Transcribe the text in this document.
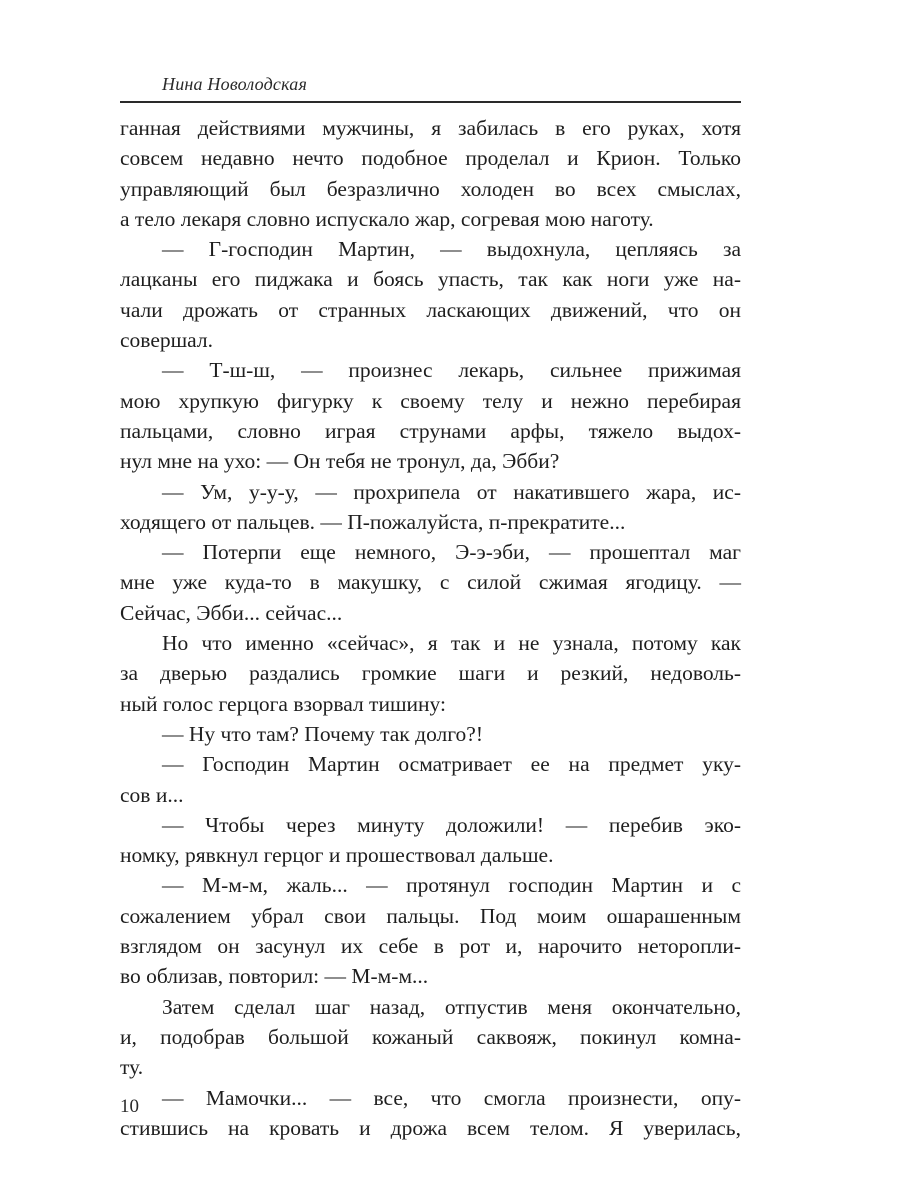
Нина Новолодская
ганная действиями мужчины, я забилась в его руках, хотя
совсем недавно нечто подобное проделал и Крион. Только
управляющий был безразлично холоден во всех смыслах,
а тело лекаря словно испускало жар, согревая мою наготу.
— Г-господин Мартин, — выдохнула, цепляясь за
лацканы его пиджака и боясь упасть, так как ноги уже на-
чали дрожать от странных ласкающих движений, что он
совершал.
— Т-ш-ш, — произнес лекарь, сильнее прижимая
мою хрупкую фигурку к своему телу и нежно перебирая
пальцами, словно играя струнами арфы, тяжело выдох-
нул мне на ухо: — Он тебя не тронул, да, Эбби?
— Ум, у-у-у, — прохрипела от накатившего жара, ис-
ходящего от пальцев. — П-пожалуйста, п-прекратите...
— Потерпи еще немного, Э-э-эби, — прошептал маг
мне уже куда-то в макушку, с силой сжимая ягодицу. —
Сейчас, Эбби... сейчас...
Но что именно «сейчас», я так и не узнала, потому как
за дверью раздались громкие шаги и резкий, недоволь-
ный голос герцога взорвал тишину:
— Ну что там? Почему так долго?!
— Господин Мартин осматривает ее на предмет уку-
сов и...
— Чтобы через минуту доложили! — перебив эко-
номку, рявкнул герцог и прошествовал дальше.
— М-м-м, жаль... — протянул господин Мартин и с
сожалением убрал свои пальцы. Под моим ошарашенным
взглядом он засунул их себе в рот и, нарочито неторопли-
во облизав, повторил: — М-м-м...
Затем сделал шаг назад, отпустив меня окончательно,
и, подобрав большой кожаный саквояж, покинул комна-
ту.
— Мамочки... — все, что смогла произнести, опу-
стившись на кровать и дрожа всем телом. Я уверилась,
10
